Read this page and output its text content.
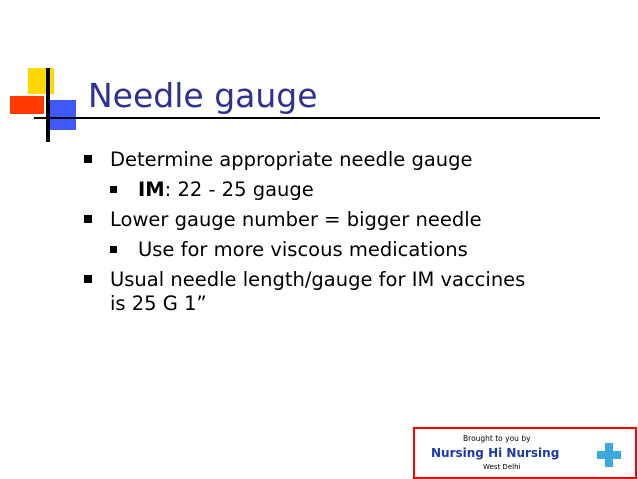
Needle gauge
Determine appropriate needle gauge
IM: 22 - 25 gauge
Lower gauge number = bigger needle
Use for more viscous medications
Usual needle length/gauge for IM vaccines is 25 G 1”
Brought to you by
Nursing Hi Nursing
West Delhi
